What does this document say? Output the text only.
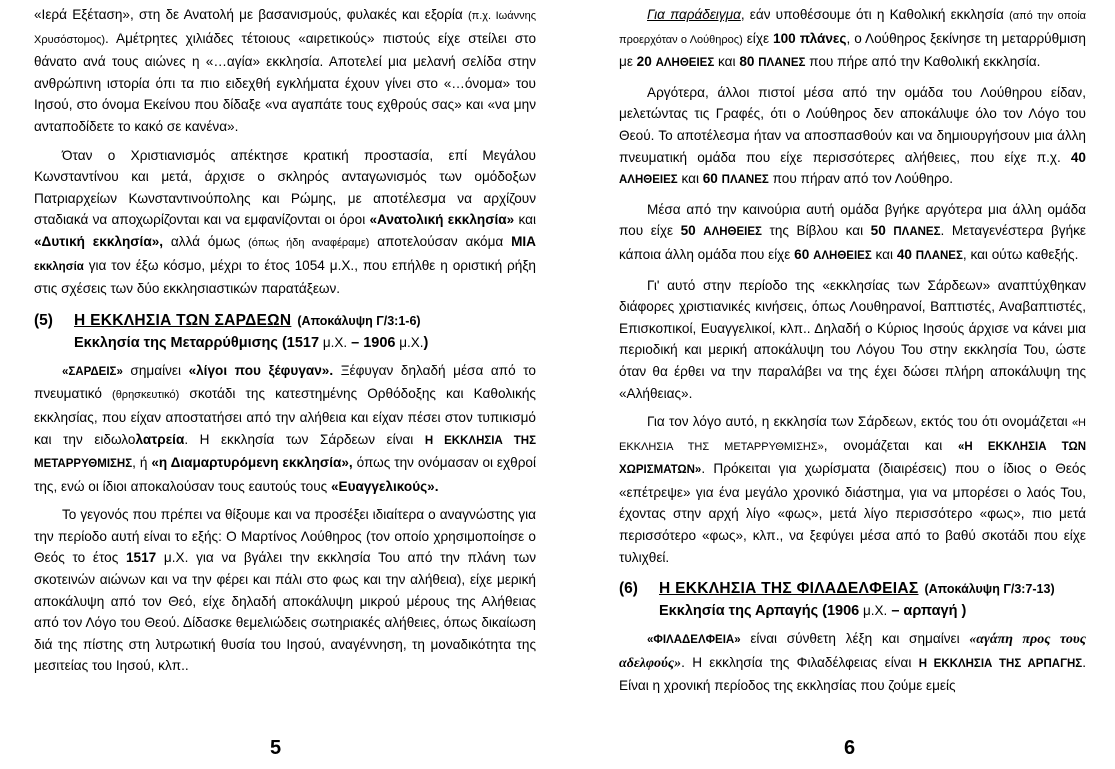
«Ιερά Εξέταση», στη δε Ανατολή με βασανισμούς, φυλακές και εξορία (π.χ. Ιωάννης Χρυσόστομος). Αμέτρητες χιλιάδες τέτοιους «αιρετικούς» πιστούς είχε στείλει στο θάνατο ανά τους αιώνες η «…αγία» εκκλησία. Αποτελεί μια μελανή σελίδα στην ανθρώπινη ιστορία όπι τα πιο ειδεχθή εγκλήματα έχουν γίνει στο «…όνομα» του Ιησού, στο όνομα Εκείνου που δίδαξε «να αγαπάτε τους εχθρούς σας» και «να μην ανταποδίδετε το κακό σε κανένα».

Όταν ο Χριστιανισμός απέκτησε κρατική προστασία, επί Μεγάλου Κωνσταντίνου και μετά, άρχισε ο σκληρός ανταγωνισμός των ομόδοξων Πατριαρχείων Κωνσταντινούπολης και Ρώμης, με αποτέλεσμα να αρχίζουν σταδιακά να αποχωρίζονται και να εμφανίζονται οι όροι «Ανατολική εκκλησία» και «Δυτική εκκλησία», αλλά όμως (όπως ήδη αναφέραμε) αποτελούσαν ακόμα ΜΙΑ εκκλησία για τον έξω κόσμο, μέχρι το έτος 1054 μ.Χ., που επήλθε η οριστική ρήξη στις σχέσεις των δύο εκκλησιαστικών παρατάξεων.

(5)	Η ΕΚΚΛΗΣΙΑ ΤΩΝ ΣΑΡΔΕΩΝ (Αποκάλυψη Γ/3:1-6)
Εκκλησία της Μεταρρύθμισης (1517 μ.Χ. – 1906 μ.Χ.)

«ΣΑΡΔΕΙΣ» σημαίνει «λίγοι που ξέφυγαν». Ξέφυγαν δηλαδή μέσα από το πνευματικό (θρησκευτικό) σκοτάδι της κατεστημένης Ορθόδοξης και Καθολικής εκκλησίας, που είχαν αποστατήσει από την αλήθεια και είχαν πέσει στον τυπικισμό και την ειδωλολατρεία. Η εκκλησία των Σάρδεων είναι Η ΕΚΚΛΗΣΙΑ ΤΗΣ ΜΕΤΑΡΡΥΘΜΙΣΗΣ, ή «η Διαμαρτυρόμενη εκκλησία», όπως την ονόμασαν οι εχθροί της, ενώ οι ίδιοι αποκαλούσαν τους εαυτούς τους «Ευαγγελικούς».

Το γεγονός που πρέπει να θίξουμε και να προσέξει ιδιαίτερα ο αναγνώστης για την περίοδο αυτή είναι το εξής: Ο Μαρτίνος Λούθηρος (τον οποίο χρησιμοποίησε ο Θεός το έτος 1517 μ.Χ. για να βγάλει την εκκλησία Του από την πλάνη των σκοτεινών αιώνων και να την φέρει και πάλι στο φως και την αλήθεια), είχε μερική αποκάλυψη από τον Θεό, είχε δηλαδή αποκάλυψη μικρού μέρους της Αλήθειας από τον Λόγο του Θεού. Δίδασκε θεμελιώδεις σωτηριακές αλήθειες, όπως δικαίωση διά της πίστης στη λυτρωτική θυσία του Ιησού, αναγέννηση, τη μοναδικότητα της μεσιτείας του Ιησού, κλπ..

5

Για παράδειγμα, εάν υποθέσουμε ότι η Καθολική εκκλησία (από την οποία προερχόταν ο Λούθηρος) είχε 100 πλάνες, ο Λούθηρος ξεκίνησε τη μεταρρύθμιση με 20 ΑΛΗΘΕΙΕΣ και 80 ΠΛΑΝΕΣ που πήρε από την Καθολική εκκλησία.

Αργότερα, άλλοι πιστοί μέσα από την ομάδα του Λούθηρου είδαν, μελετώντας τις Γραφές, ότι ο Λούθηρος δεν αποκάλυψε όλο τον Λόγο του Θεού. Το αποτέλεσμα ήταν να αποσπασθούν και να δημιουργήσουν μια άλλη πνευματική ομάδα που είχε περισσότερες αλήθειες, που είχε π.χ. 40 ΑΛΗΘΕΙΕΣ και 60 ΠΛΑΝΕΣ που πήραν από τον Λούθηρο.

Μέσα από την καινούρια αυτή ομάδα βγήκε αργότερα μια άλλη ομάδα που είχε 50 ΑΛΗΘΕΙΕΣ της Βίβλου και 50 ΠΛΑΝΕΣ. Μεταγενέστερα βγήκε κάποια άλλη ομάδα που είχε 60 ΑΛΗΘΕΙΕΣ και 40 ΠΛΑΝΕΣ, και ούτω καθεξής.

Γι' αυτό στην περίοδο της «εκκλησίας των Σάρδεων» αναπτύχθηκαν διάφορες χριστιανικές κινήσεις, όπως Λουθηρανοί, Βαπτιστές, Αναβαπτιστές, Επισκοπικοί, Ευαγγελικοί, κλπ.. Δηλαδή ο Κύριος Ιησούς άρχισε να κάνει μια περιοδική και μερική αποκάλυψη του Λόγου Του στην εκκλησία Του, ώστε όταν θα έρθει να την παραλάβει να της έχει δώσει πλήρη αποκάλυψη της «Αλήθειας».

Για τον λόγο αυτό, η εκκλησία των Σάρδεων, εκτός του ότι ονομάζεται «Η ΕΚΚΛΗΣΙΑ ΤΗΣ ΜΕΤΑΡΡΥΘΜΙΣΗΣ», ονομάζεται και «Η ΕΚΚΛΗΣΙΑ ΤΩΝ ΧΩΡΙΣΜΑΤΩΝ». Πρόκειται για χωρίσματα (διαιρέσεις) που ο ίδιος ο Θεός «επέτρεψε» για ένα μεγάλο χρονικό διάστημα, για να μπορέσει ο λαός Του, έχοντας στην αρχή λίγο «φως», μετά λίγο περισσότερο «φως», πιο μετά περισσότερο «φως», κλπ., να ξεφύγει μέσα από το βαθύ σκοτάδι που είχε τυλιχθεί.

(6)	Η ΕΚΚΛΗΣΙΑ ΤΗΣ ΦΙΛΑΔΕΛΦΕΙΑΣ (Αποκάλυψη Γ/3:7-13)
Εκκλησία της Αρπαγής (1906 μ.Χ. – αρπαγή )

«ΦΙΛΑΔΕΛΦΕΙΑ» είναι σύνθετη λέξη και σημαίνει «αγάπη προς τους αδελφούς». Η εκκλησία της Φιλαδέλφειας είναι Η ΕΚΚΛΗΣΙΑ ΤΗΣ ΑΡΠΑΓΗΣ. Είναι η χρονική περίοδος της εκκλησίας που ζούμε εμείς

6
